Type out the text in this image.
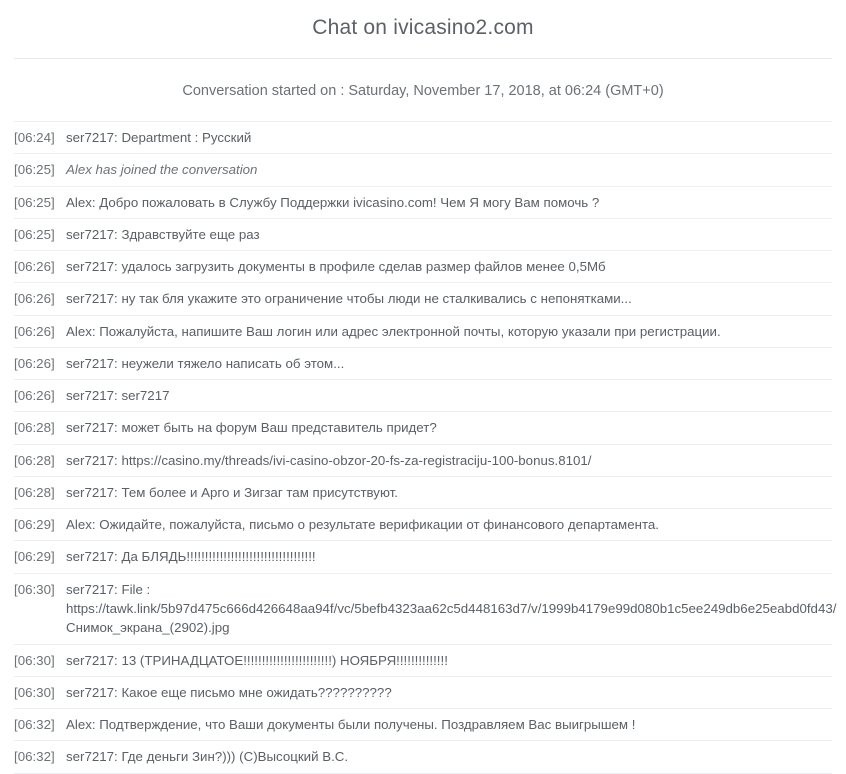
Chat on ivicasino2.com
Conversation started on : Saturday, November 17, 2018, at 06:24 (GMT+0)
[06:24] ser7217: Department : Русский
[06:25] Alex has joined the conversation
[06:25] Alex: Добро пожаловать в Службу Поддержки ivicasino.com! Чем Я могу Вам помочь ?
[06:25] ser7217: Здравствуйте еще раз
[06:26] ser7217: удалось загрузить документы в профиле сделав размер файлов менее 0,5Мб
[06:26] ser7217: ну так бля укажите это ограничение чтобы люди не сталкивались с непонятками...
[06:26] Alex: Пожалуйста, напишите Ваш логин или адрес электронной почты, которую указали при регистрации.
[06:26] ser7217: неужели тяжело написать об этом...
[06:26] ser7217: ser7217
[06:28] ser7217: может быть на форум Ваш представитель придет?
[06:28] ser7217: https://casino.my/threads/ivi-casino-obzor-20-fs-za-registraciju-100-bonus.8101/
[06:28] ser7217: Тем более и Арго и Зигзаг там присутствуют.
[06:29] Alex: Ожидайте, пожалуйста, письмо о результате верификации от финансового департамента.
[06:29] ser7217: Да БЛЯДЬ!!!!!!!!!!!!!!!!!!!!!!!!!!!!!!!!!!!
[06:30] ser7217: File : https://tawk.link/5b97d475c666d426648aa94f/vc/5befb4323aa62c5d448163d7/v/1999b4179e99d080b1c5ee249db6e25eabd0fd43/Снимок_экрана_(2902).jpg
[06:30] ser7217: 13 (ТРИНАДЦАТОЕ!!!!!!!!!!!!!!!!!!!!!!!!) НОЯБРЯ!!!!!!!!!!!!!!
[06:30] ser7217: Какое еще письмо мне ожидать??????????
[06:32] Alex: Подтверждение, что Ваши документы были получены. Поздравляем Вас выигрышем !
[06:32] ser7217: Где деньги Зин?))) (С)Высоцкий В.С.
